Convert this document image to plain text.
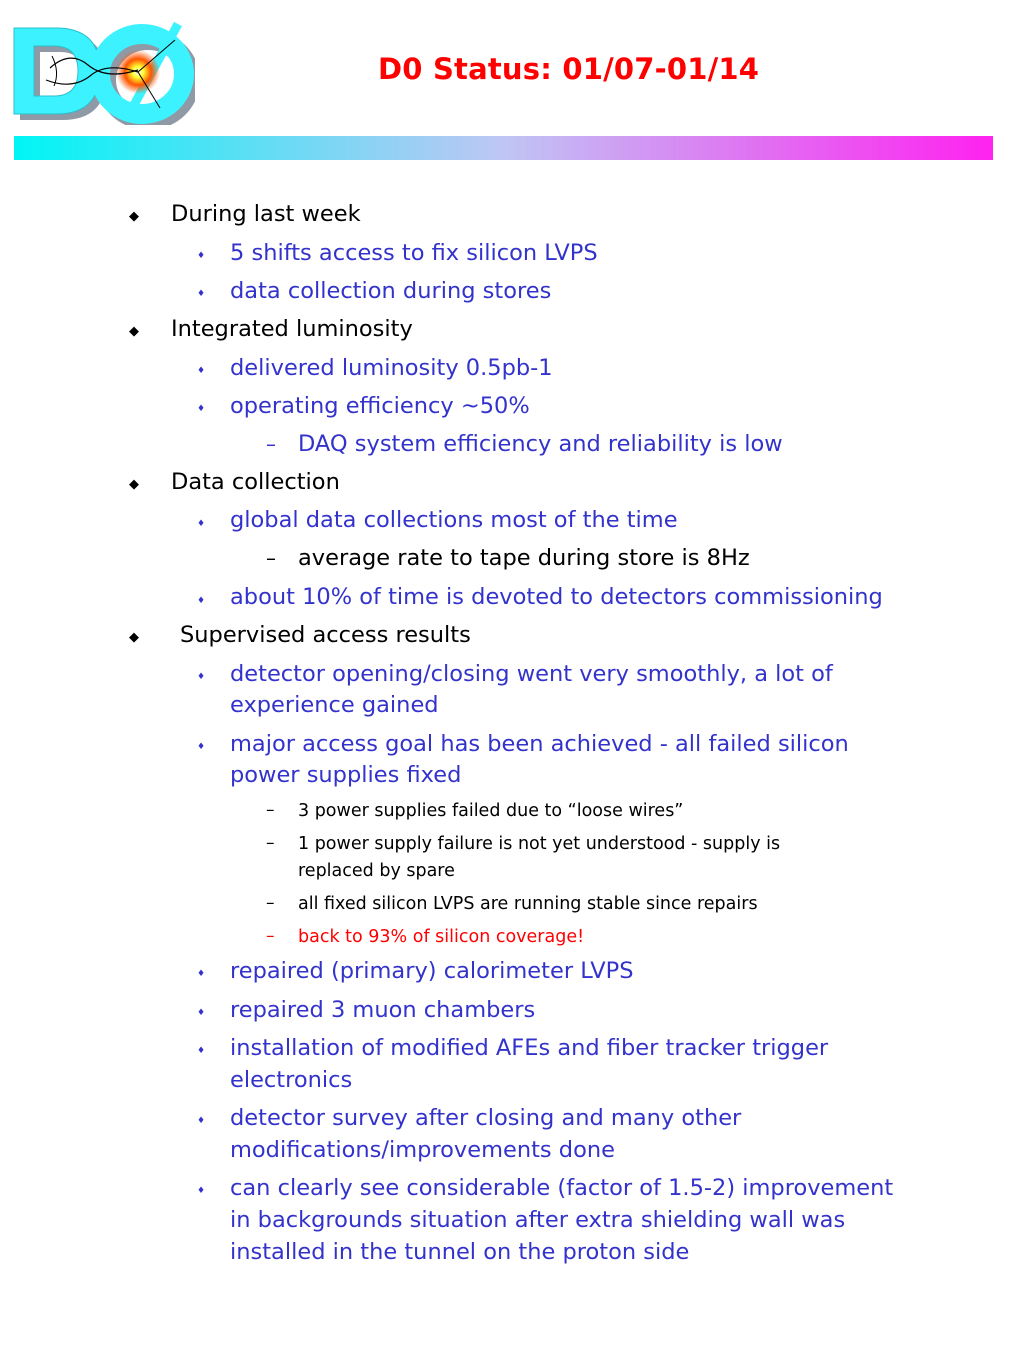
D0 Status: 01/07-01/14
◆ During last week
♦ 5 shifts access to fix silicon LVPS
♦ data collection during stores
◆ Integrated luminosity
♦ delivered luminosity 0.5pb-1
♦ operating efficiency ~50%
– DAQ system efficiency and reliability is low
◆ Data collection
♦ global data collections most of the time
– average rate to tape during store is 8Hz
♦ about 10% of time is devoted to detectors commissioning
◆ Supervised access results
♦ detector opening/closing went very smoothly, a lot of
experience gained
♦ major access goal has been achieved - all failed silicon
power supplies fixed
– 3 power supplies failed due to “loose wires”
– 1 power supply failure is not yet understood - supply is
replaced by spare
– all fixed silicon LVPS are running stable since repairs
– back to 93% of silicon coverage!
♦ repaired (primary) calorimeter LVPS
♦ repaired 3 muon chambers
♦ installation of modified AFEs and fiber tracker trigger
electronics
♦ detector survey after closing and many other
modifications/improvements done
♦ can clearly see considerable (factor of 1.5-2) improvement
in backgrounds situation after extra shielding wall was
installed in the tunnel on the proton side
